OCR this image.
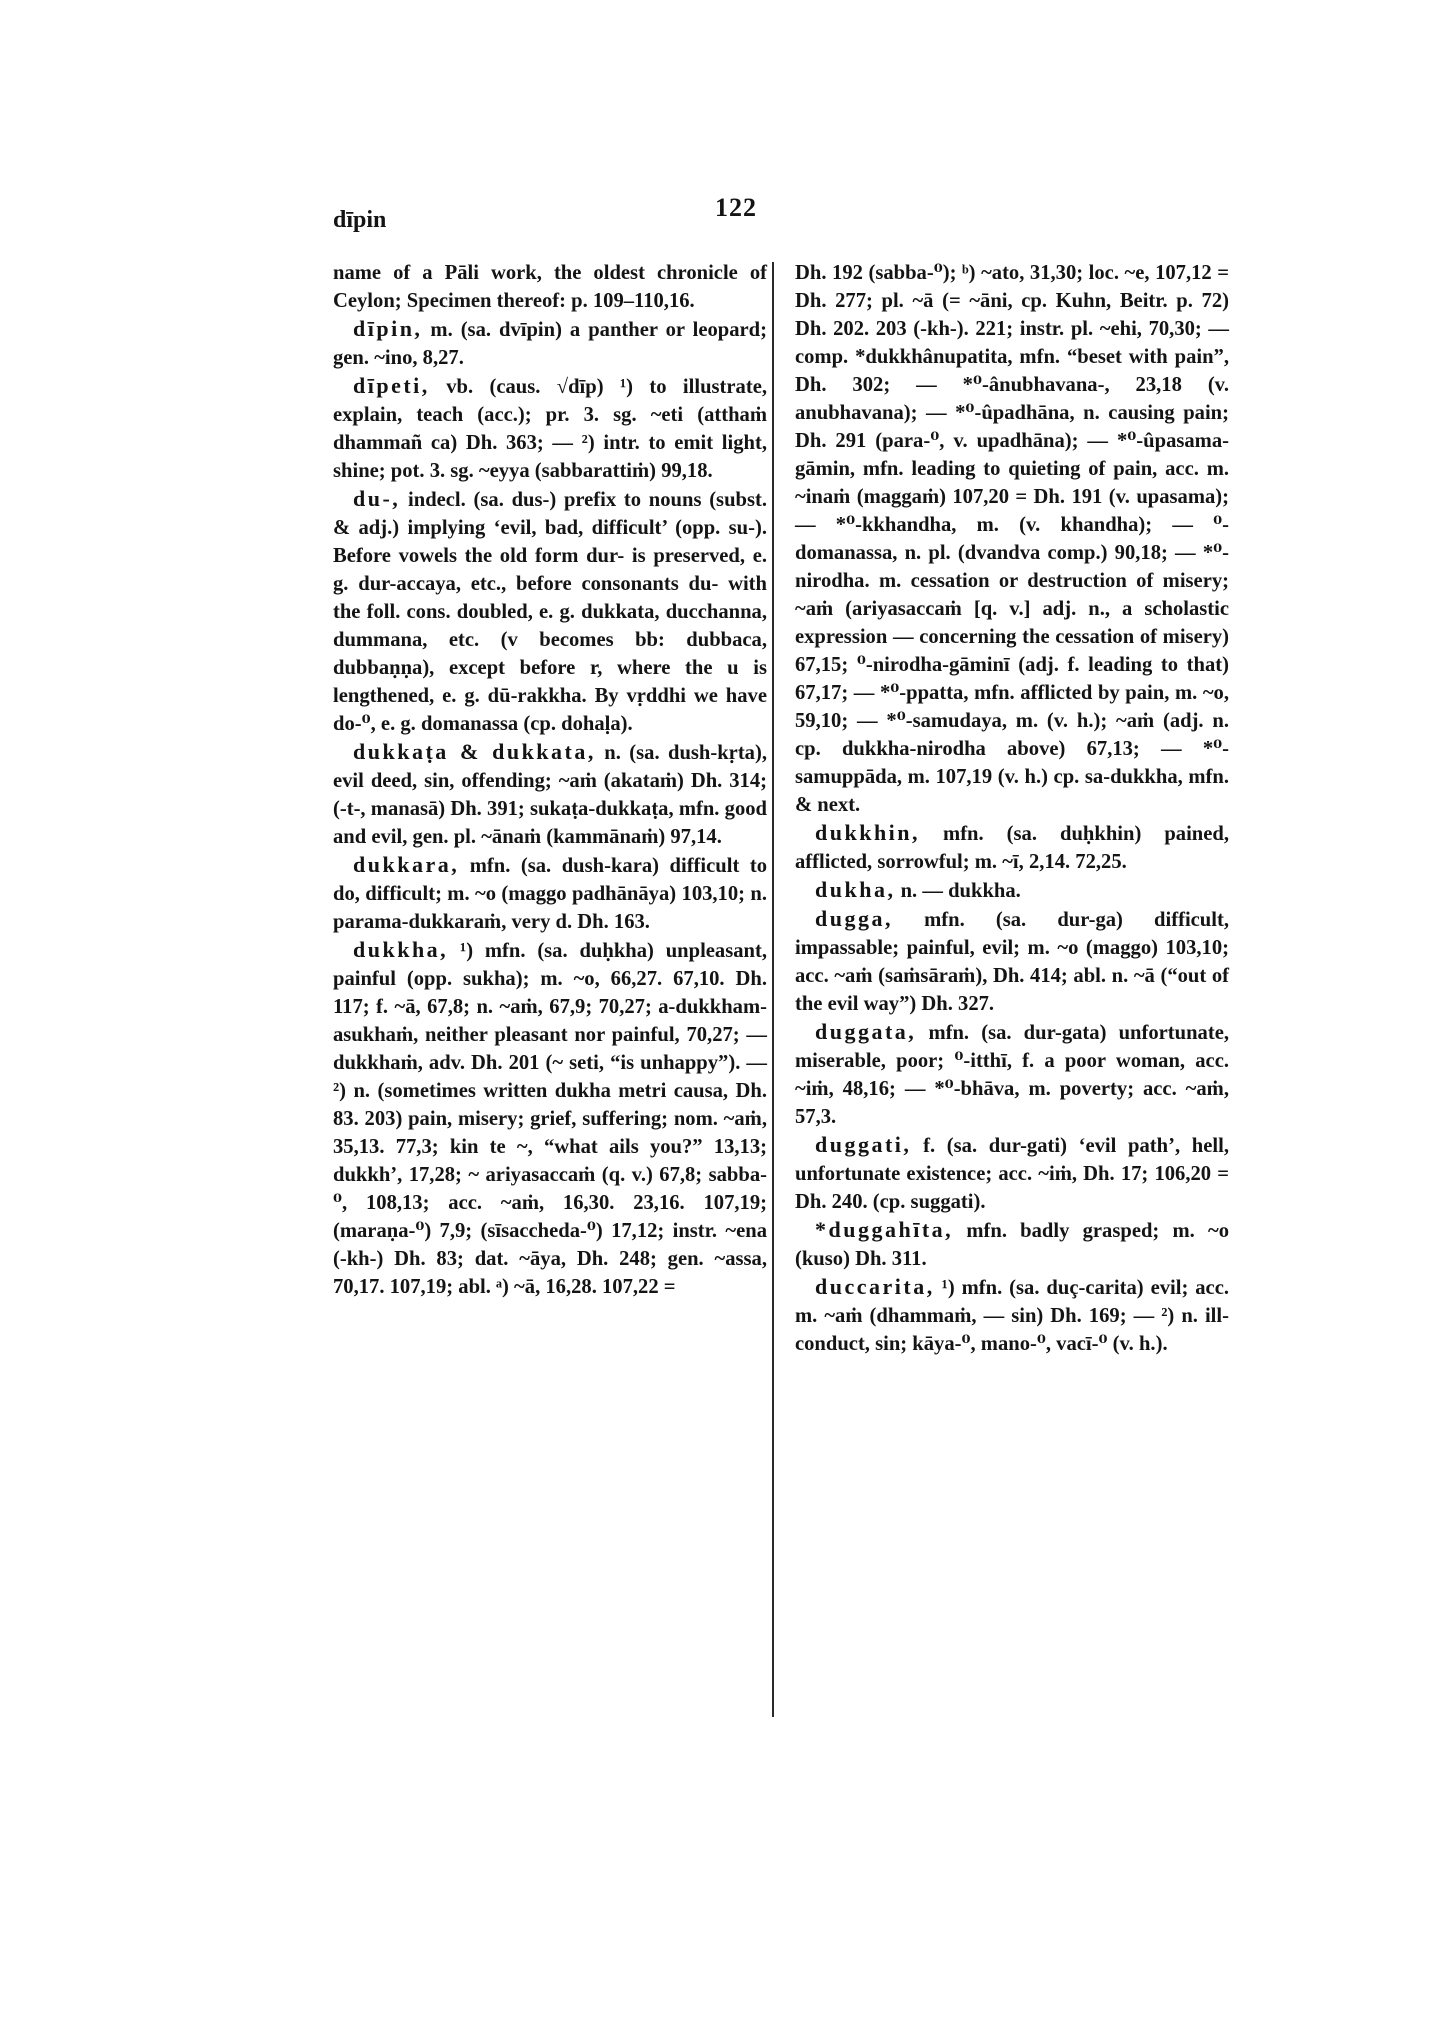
dīpin	122

name of a Pāli work, the oldest chronicle of Ceylon; Specimen thereof: p. 109–110,16.

dīpin, m. (sa. dvīpin) a panther or leopard; gen. ~ino, 8,27.

dīpeti, vb. (caus. √dīp) ¹) to illustrate, explain, teach (acc.); pr. 3. sg. ~eti (atthaṁ dhammañ ca) Dh. 363; — ²) intr. to emit light, shine; pot. 3. sg. ~eyya (sabbarattiṁ) 99,18.

du-, indecl. (sa. dus-) prefix to nouns (subst. & adj.) implying ‘evil, bad, difficult’ (opp. su-). Before vowels the old form dur- is preserved, e. g. dur-accaya, etc., before consonants du- with the foll. cons. doubled, e. g. dukkata, ducchanna, dummana, etc. (v becomes bb: dubbaca, dubbaṇṇa), except before r, where the u is lengthened, e. g. dū-rakkha. By vṛddhi we have do-⁰, e. g. domanassa (cp. dohaḷa).

dukkaṭa & dukkata, n. (sa. dush-kṛta), evil deed, sin, offending; ~aṁ (akataṁ) Dh. 314; (-t-, manasā) Dh. 391; sukaṭa-dukkaṭa, mfn. good and evil, gen. pl. ~ānaṁ (kammānaṁ) 97,14.

dukkara, mfn. (sa. dush-kara) difficult to do, difficult; m. ~o (maggo padhānāya) 103,10; n. parama-dukkaraṁ, very d. Dh. 163.

dukkha, ¹) mfn. (sa. duḥkha) unpleasant, painful (opp. sukha); m. ~o, 66,27. 67,10. Dh. 117; f. ~ā, 67,8; n. ~aṁ, 67,9; 70,27; a-dukkham-asukhaṁ, neither pleasant nor painful, 70,27; — dukkhaṁ, adv. Dh. 201 (~ seti, “is unhappy”). — ²) n. (sometimes written dukha metri causa, Dh. 83. 203) pain, misery; grief, suffering; nom. ~aṁ, 35,13. 77,3; kin te ~, “what ails you?” 13,13; dukkh’, 17,28; ~ ariyasaccaṁ (q. v.) 67,8; sabba-⁰, 108,13; acc. ~aṁ, 16,30. 23,16. 107,19; (maraṇa-⁰) 7,9; (sīsaccheda-⁰) 17,12; instr. ~ena (-kh-) Dh. 83; dat. ~āya, Dh. 248; gen. ~assa, 70,17. 107,19; abl. ᵃ) ~ā, 16,28. 107,22 =

Dh. 192 (sabba-⁰); ᵇ) ~ato, 31,30; loc. ~e, 107,12 = Dh. 277; pl. ~ā (= ~āni, cp. Kuhn, Beitr. p. 72) Dh. 202. 203 (-kh-). 221; instr. pl. ~ehi, 70,30; — comp. *dukkhânupatita, mfn. “beset with pain”, Dh. 302; — *⁰-ânubhavana-, 23,18 (v. anubhavana); — *⁰-ûpadhāna, n. causing pain; Dh. 291 (para-⁰, v. upadhāna); — *⁰-ûpasama-gāmin, mfn. leading to quieting of pain, acc. m. ~inaṁ (maggaṁ) 107,20 = Dh. 191 (v. upasama); — *⁰-kkhandha, m. (v. khandha); — ⁰-domanassa, n. pl. (dvandva comp.) 90,18; — *⁰-nirodha. m. cessation or destruction of misery; ~aṁ (ariyasaccaṁ [q. v.] adj. n., a scholastic expression — concerning the cessation of misery) 67,15; ⁰-nirodha-gāminī (adj. f. leading to that) 67,17; — *⁰-ppatta, mfn. afflicted by pain, m. ~o, 59,10; — *⁰-samudaya, m. (v. h.); ~aṁ (adj. n. cp. dukkha-nirodha above) 67,13; — *⁰-samuppāda, m. 107,19 (v. h.) cp. sa-dukkha, mfn. & next.

dukkhin, mfn. (sa. duḥkhin) pained, afflicted, sorrowful; m. ~ī, 2,14. 72,25.

dukha, n. — dukkha.

dugga, mfn. (sa. dur-ga) difficult, impassable; painful, evil; m. ~o (maggo) 103,10; acc. ~aṁ (saṁsāraṁ), Dh. 414; abl. n. ~ā (“out of the evil way”) Dh. 327.

duggata, mfn. (sa. dur-gata) unfortunate, miserable, poor; ⁰-itthī, f. a poor woman, acc. ~iṁ, 48,16; — *⁰-bhāva, m. poverty; acc. ~aṁ, 57,3.

duggati, f. (sa. dur-gati) ‘evil path’, hell, unfortunate existence; acc. ~iṁ, Dh. 17; 106,20 = Dh. 240. (cp. suggati).

*duggahīta, mfn. badly grasped; m. ~o (kuso) Dh. 311.

duccarita, ¹) mfn. (sa. duç-carita) evil; acc. m. ~aṁ (dhammaṁ, — sin) Dh. 169; — ²) n. ill-conduct, sin; kāya-⁰, mano-⁰, vacī-⁰ (v. h.).
